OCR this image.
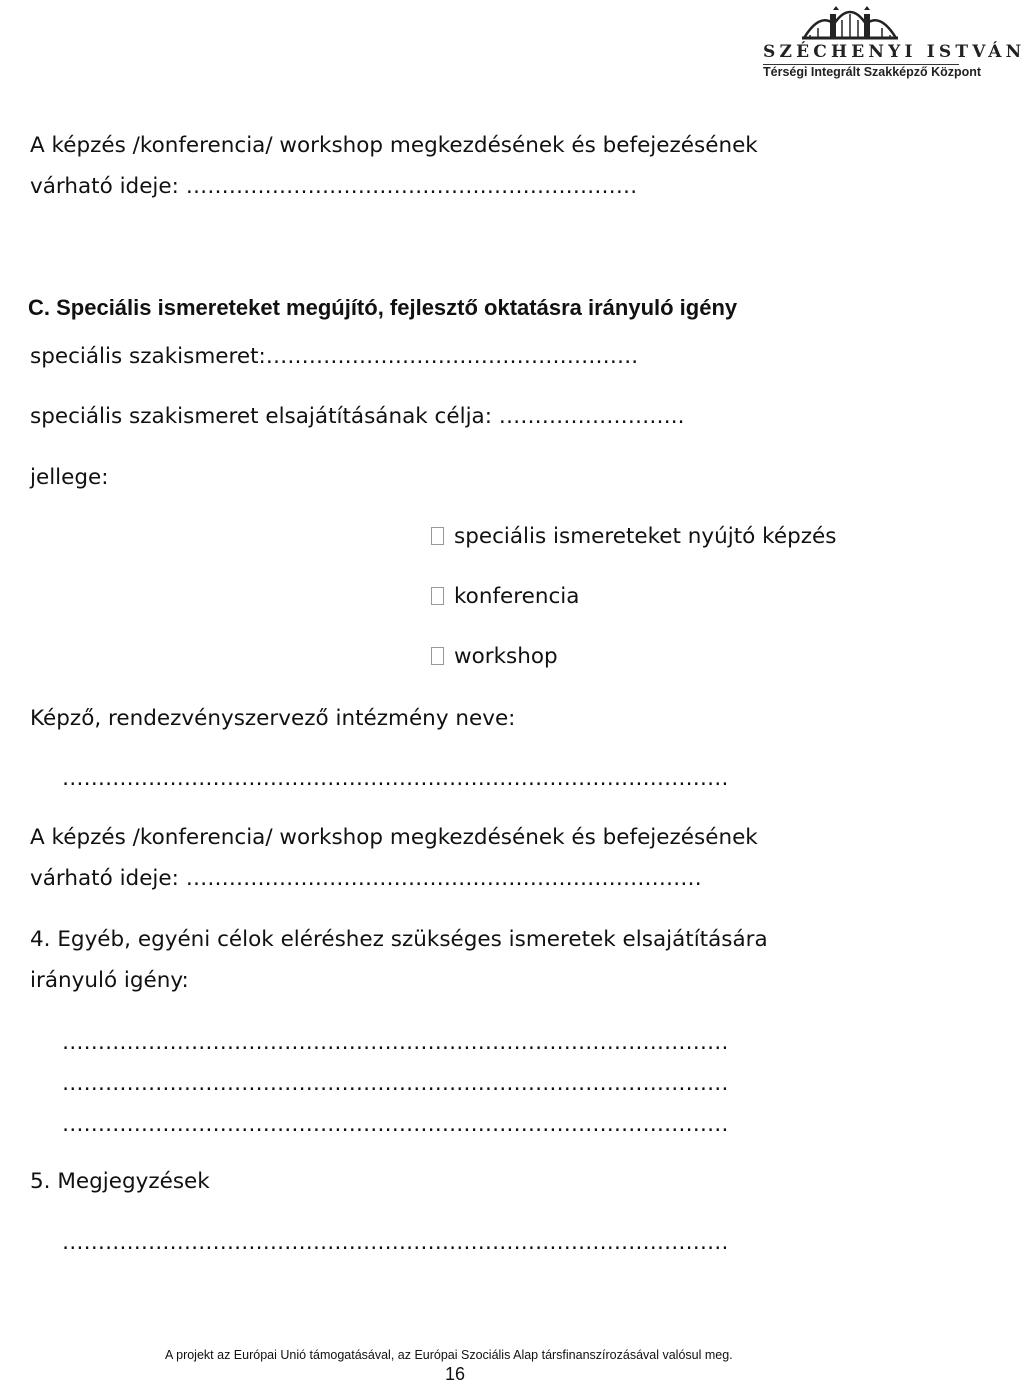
SZÉCHENYI ISTVÁN
Térségi Integrált Szakképző Központ
A képzés /konferencia/ workshop megkezdésének és befejezésének
várható ideje: ………………………………………………………
C. Speciális ismereteket megújító, fejlesztő oktatásra irányuló igény
speciális szakismeret:…………………………………………….
speciális szakismeret elsajátításának célja: ……………………..
jellege:
speciális ismereteket nyújtó képzés
konferencia
workshop
Képző, rendezvényszervező intézmény neve:
…………………………………………………………………………………
A képzés /konferencia/ workshop megkezdésének és befejezésének
várható ideje: ………………………………………………………………
4. Egyéb, egyéni célok eléréshez szükséges ismeretek elsajátítására
irányuló igény:
…………………………………………………………………………………
…………………………………………………………………………………
…………………………………………………………………………………
5. Megjegyzések
…………………………………………………………………………………
A projekt az Európai Unió támogatásával, az Európai Szociális Alap társfinanszírozásával valósul meg.
16
